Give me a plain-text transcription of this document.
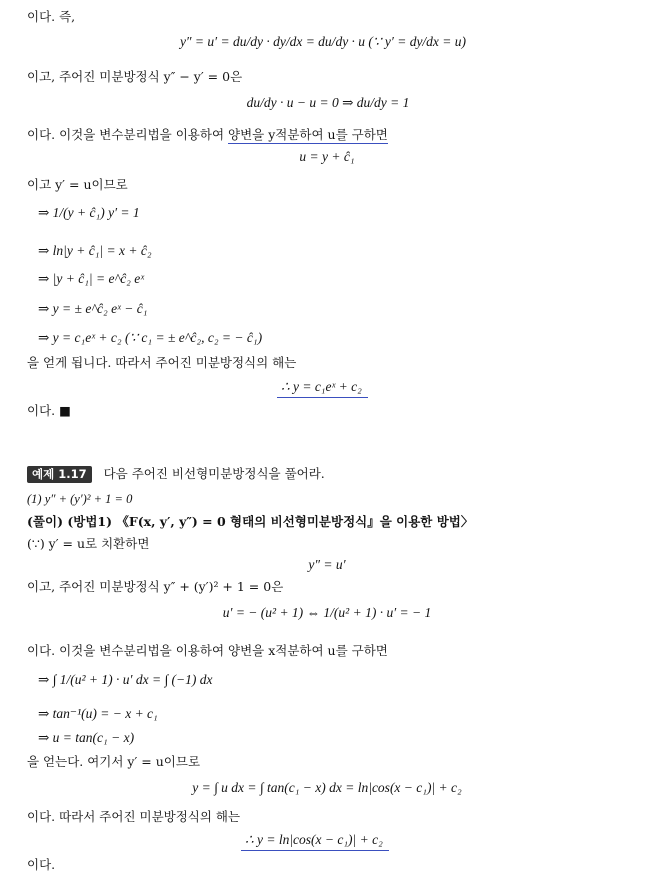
이다. 즉,
y″ = u′ = du/dy · dy/dx = du/dy · u (∵ y′ = dy/dx = u)
이고, 주어진 미분방정식 y″ − y′ = 0은
du/dy · u − u = 0 ⇒ du/dy = 1
이다. 이것을 변수분리법을 이용하여 양변을 y적분하여 u를 구하면
u = y + ĉ₁
이고 y′ = u이므로
⇒ 1/(y + ĉ₁) y′ = 1
⇒ ln|y + ĉ₁| = x + ĉ₂
⇒ |y + ĉ₁| = e^ĉ₂ eˣ
⇒ y = ± e^ĉ₂ eˣ − ĉ₁
⇒ y = c₁eˣ + c₂ (∵ c₁ = ± e^ĉ₂, c₂ = − ĉ₁)
을 얻게 됩니다. 따라서 주어진 미분방정식의 해는
∴ y = c₁eˣ + c₂
이다. ■
예제 1.17 다음 주어진 비선형미분방정식을 풀어라.
(1) y″ + (y′)² + 1 = 0
(풀이) (방법1) 《F(x, y′, y″) = 0 형태의 비선형미분방정식』을 이용한 방법〉
(∵) y′ = u로 치환하면
y″ = u′
이고, 주어진 미분방정식 y″ + (y′)² + 1 = 0은
u′ = − (u² + 1) ⇔ 1/(u² + 1) · u′ = − 1
이다. 이것을 변수분리법을 이용하여 양변을 x적분하여 u를 구하면
⇒ ∫ 1/(u² + 1) · u′ dx = ∫ (−1) dx
⇒ tan⁻¹(u) = − x + c₁
⇒ u = tan(c₁ − x)
을 얻는다. 여기서 y′ = u이므로
y = ∫ u dx = ∫ tan(c₁ − x) dx = ln|cos(x − c₁)| + c₂
이다. 따라서 주어진 미분방정식의 해는
∴ y = ln|cos(x − c₁)| + c₂
이다.
